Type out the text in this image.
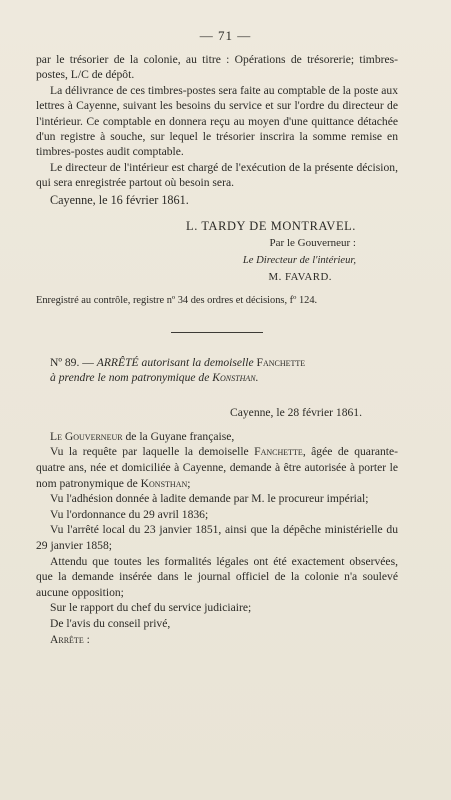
— 71 —

par le trésorier de la colonie, au titre : Opérations de trésorerie; timbres-postes, L/C de dépôt.

La délivrance de ces timbres-postes sera faite au comptable de la poste aux lettres à Cayenne, suivant les besoins du service et sur l'ordre du directeur de l'intérieur. Ce comptable en donnera reçu au moyen d'une quittance détachée d'un registre à souche, sur lequel le trésorier inscrira la somme remise en timbres-postes audit comptable.

Le directeur de l'intérieur est chargé de l'exécution de la présente décision, qui sera enregistrée partout où besoin sera.

Cayenne, le 16 février 1861.

L. TARDY DE MONTRAVEL.
Par le Gouverneur :
Le Directeur de l'intérieur,
M. FAVARD.

Enregistré au contrôle, registre nº 34 des ordres et décisions, fº 124.

Nº 89. — ARRÊTÉ autorisant la demoiselle Fanchette
à prendre le nom patronymique de Konsthan.

Cayenne, le 28 février 1861.

Le Gouverneur de la Guyane française,

Vu la requête par laquelle la demoiselle Fanchette, âgée de quarante-quatre ans, née et domiciliée à Cayenne, demande à être autorisée à porter le nom patronymique de Konsthan;

Vu l'adhésion donnée à ladite demande par M. le procureur impérial;

Vu l'ordonnance du 29 avril 1836;

Vu l'arrêté local du 23 janvier 1851, ainsi que la dépêche ministérielle du 29 janvier 1858;

Attendu que toutes les formalités légales ont été exactement observées, que la demande insérée dans le journal officiel de la colonie n'a soulevé aucune opposition;

Sur le rapport du chef du service judiciaire;

De l'avis du conseil privé,

Arrête :
